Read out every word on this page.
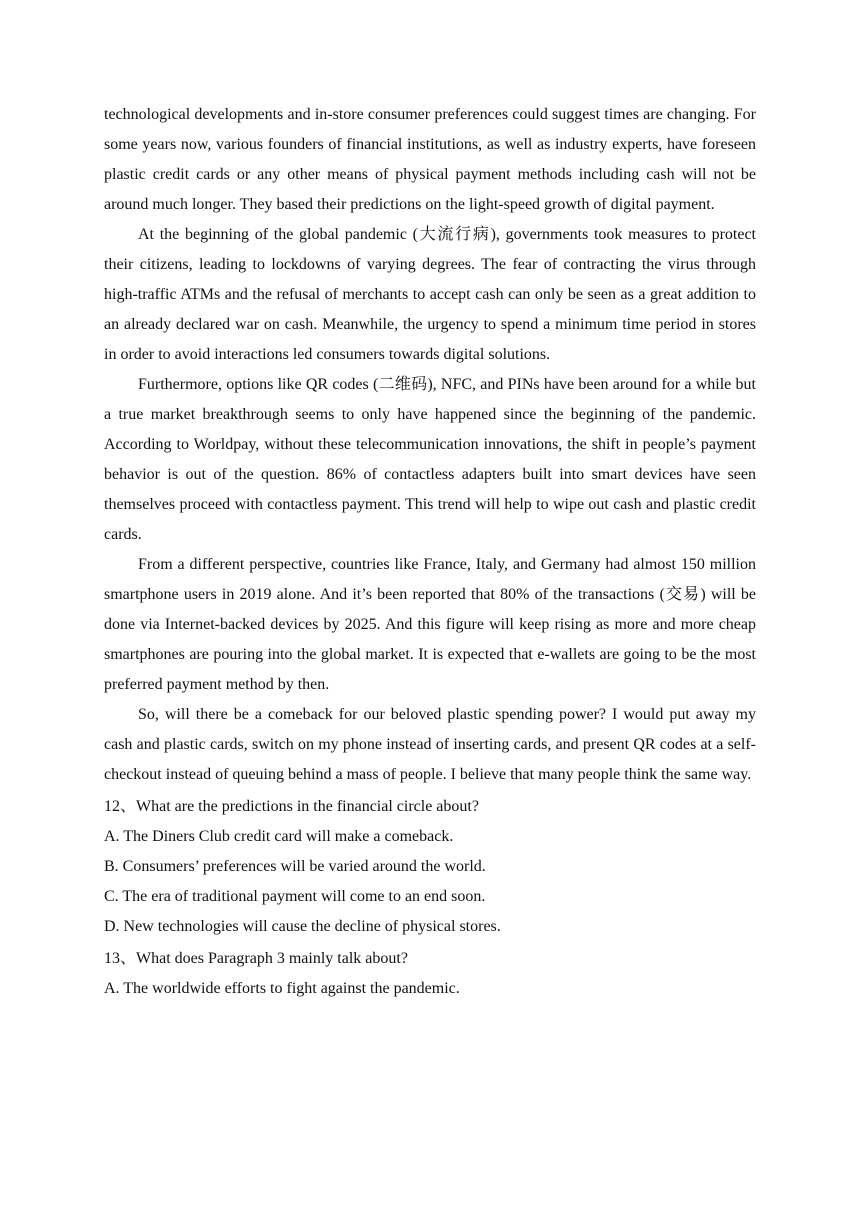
technological developments and in-store consumer preferences could suggest times are changing. For some years now, various founders of financial institutions, as well as industry experts, have foreseen plastic credit cards or any other means of physical payment methods including cash will not be around much longer. They based their predictions on the light-speed growth of digital payment.

At the beginning of the global pandemic (大流行病), governments took measures to protect their citizens, leading to lockdowns of varying degrees. The fear of contracting the virus through high-traffic ATMs and the refusal of merchants to accept cash can only be seen as a great addition to an already declared war on cash. Meanwhile, the urgency to spend a minimum time period in stores in order to avoid interactions led consumers towards digital solutions.

Furthermore, options like QR codes (二维码), NFC, and PINs have been around for a while but a true market breakthrough seems to only have happened since the beginning of the pandemic. According to Worldpay, without these telecommunication innovations, the shift in people’s payment behavior is out of the question. 86% of contactless adapters built into smart devices have seen themselves proceed with contactless payment. This trend will help to wipe out cash and plastic credit cards.

From a different perspective, countries like France, Italy, and Germany had almost 150 million smartphone users in 2019 alone. And it’s been reported that 80% of the transactions (交易) will be done via Internet-backed devices by 2025. And this figure will keep rising as more and more cheap smartphones are pouring into the global market. It is expected that e-wallets are going to be the most preferred payment method by then.

So, will there be a comeback for our beloved plastic spending power? I would put away my cash and plastic cards, switch on my phone instead of inserting cards, and present QR codes at a self-checkout instead of queuing behind a mass of people. I believe that many people think the same way.

12、What are the predictions in the financial circle about?

A. The Diners Club credit card will make a comeback.

B. Consumers’ preferences will be varied around the world.

C. The era of traditional payment will come to an end soon.

D. New technologies will cause the decline of physical stores.

13、What does Paragraph 3 mainly talk about?

A. The worldwide efforts to fight against the pandemic.
